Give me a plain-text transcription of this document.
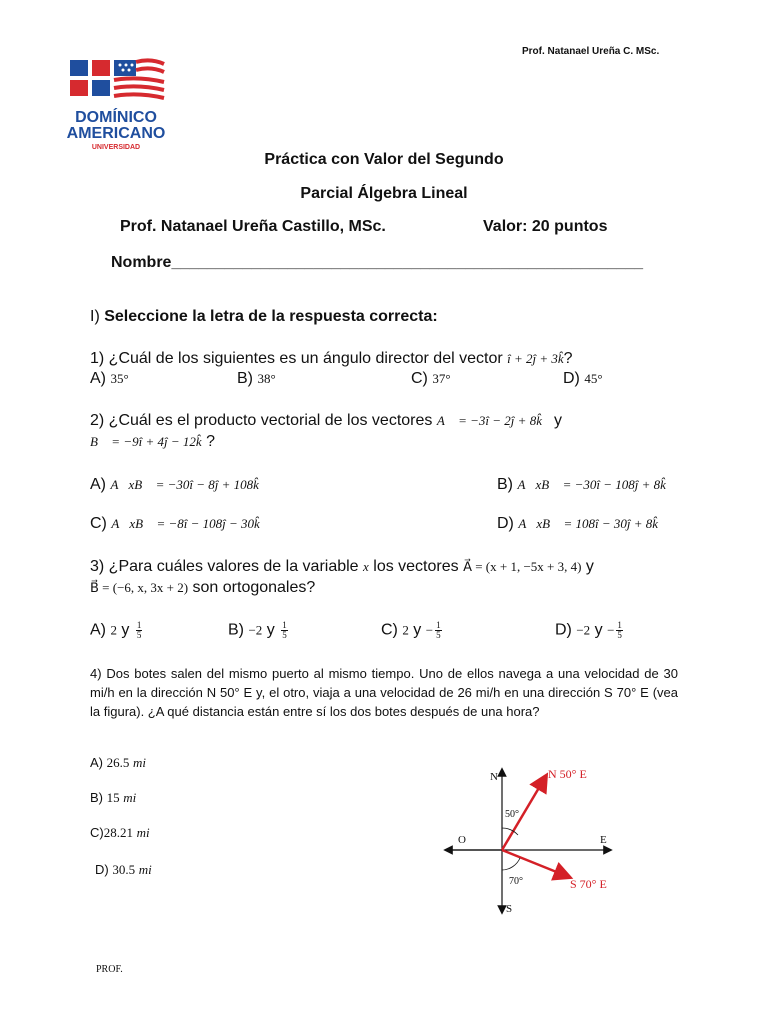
Prof. Natanael Ureña C. MSc.
DOMÍNICO
AMERICANO
UNIVERSIDAD
Práctica con Valor del Segundo
Parcial Álgebra Lineal
Prof. Natanael Ureña Castillo, MSc.	Valor: 20 puntos
Nombre_____________________________________________________
I) Seleccione la letra de la respuesta correcta:
1) ¿Cuál de los siguientes es un ángulo director del vector î + 2ĵ + 3k̂?
A) 35°	B) 38°	C) 37°	D) 45°
2) ¿Cuál es el producto vectorial de los vectores A⃗ = −3î − 2ĵ + 8k̂ y
B⃗ = −9î + 4ĵ − 12k̂ ?
A) A⃗xB⃗ = −30î − 8ĵ + 108k̂	B) A⃗xB⃗ = −30î − 108ĵ + 8k̂
C) A⃗xB⃗ = −8î − 108ĵ − 30k̂	D) A⃗xB⃗ = 108î − 30ĵ + 8k̂
3) ¿Para cuáles valores de la variable x los vectores A⃗ = (x + 1, −5x + 3, 4) y
B⃗ = (−6, x, 3x + 2) son ortogonales?
A) 2 y $\frac{1}{5}$	B) −2 y $\frac{1}{5}$	C) 2 $y - \frac{1}{5}$	D) −2 $y - \frac{1}{5}$
4) Dos botes salen del mismo puerto al mismo tiempo. Uno de ellos navega a una velocidad de 30 mi/h en la dirección N 50° E y, el otro, viaja a una velocidad de 26 mi/h en una dirección S 70° E (vea la figura). ¿A qué distancia están entre sí los dos botes después de una hora?
A) 26.5 mi
B) 15 mi
C)28.21 mi
D) 30.5 mi
N
S
E
O
N 50° E
S 70° E
50°
70°
PROF.
